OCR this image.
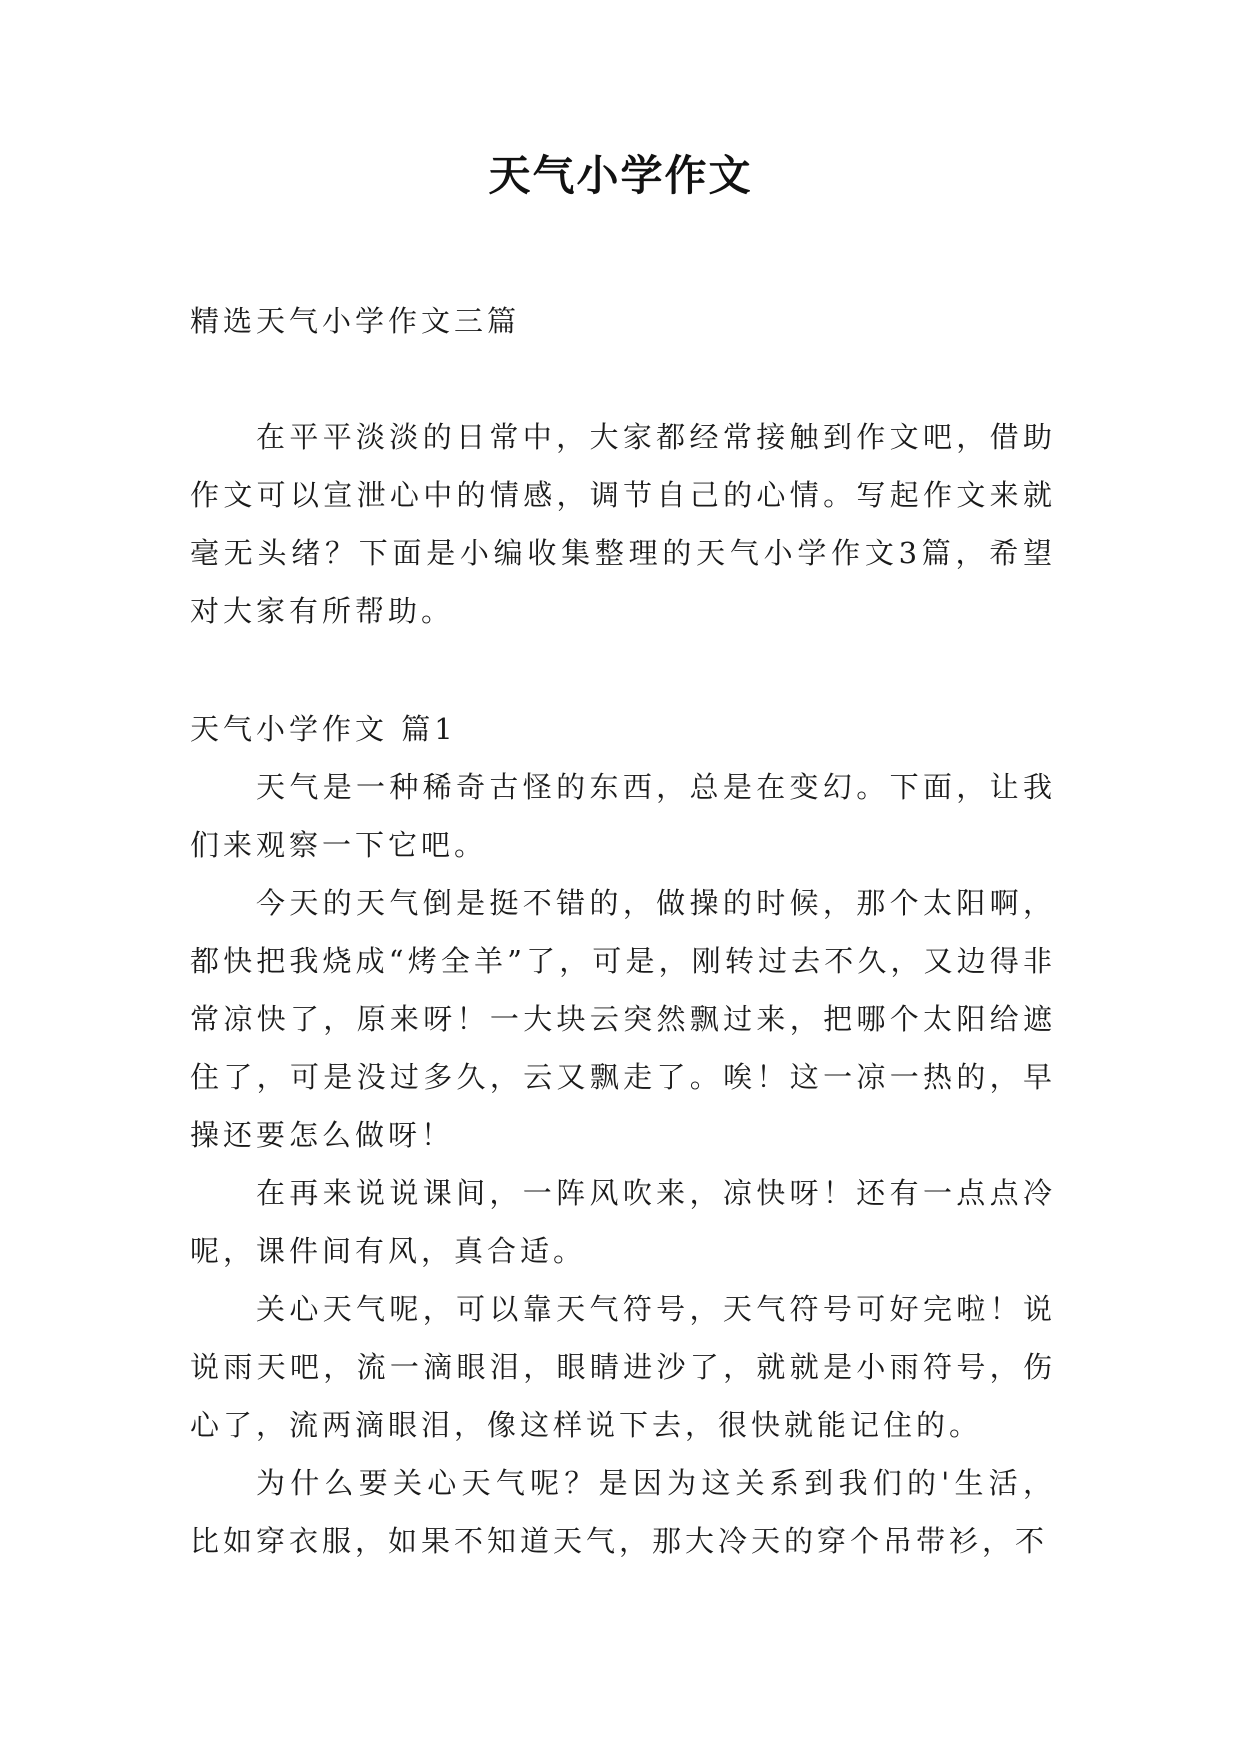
天气小学作文

精选天气小学作文三篇

在平平淡淡的日常中，大家都经常接触到作文吧，借助作文可以宣泄心中的情感，调节自己的心情。写起作文来就毫无头绪？下面是小编收集整理的天气小学作文3篇，希望对大家有所帮助。

天气小学作文 篇1

天气是一种稀奇古怪的东西，总是在变幻。下面，让我们来观察一下它吧。

今天的天气倒是挺不错的，做操的时候，那个太阳啊，都快把我烧成“烤全羊”了，可是，刚转过去不久，又边得非常凉快了，原来呀！一大块云突然飘过来，把哪个太阳给遮住了，可是没过多久，云又飘走了。唉！这一凉一热的，早操还要怎么做呀！

在再来说说课间，一阵风吹来，凉快呀！还有一点点冷呢，课件间有风，真合适。

关心天气呢，可以靠天气符号，天气符号可好完啦！说说雨天吧，流一滴眼泪，眼睛进沙了，就就是小雨符号，伤心了，流两滴眼泪，像这样说下去，很快就能记住的。

为什么要关心天气呢？是因为这关系到我们的'生活，比如穿衣服，如果不知道天气，那大冷天的穿个吊带衫，不
